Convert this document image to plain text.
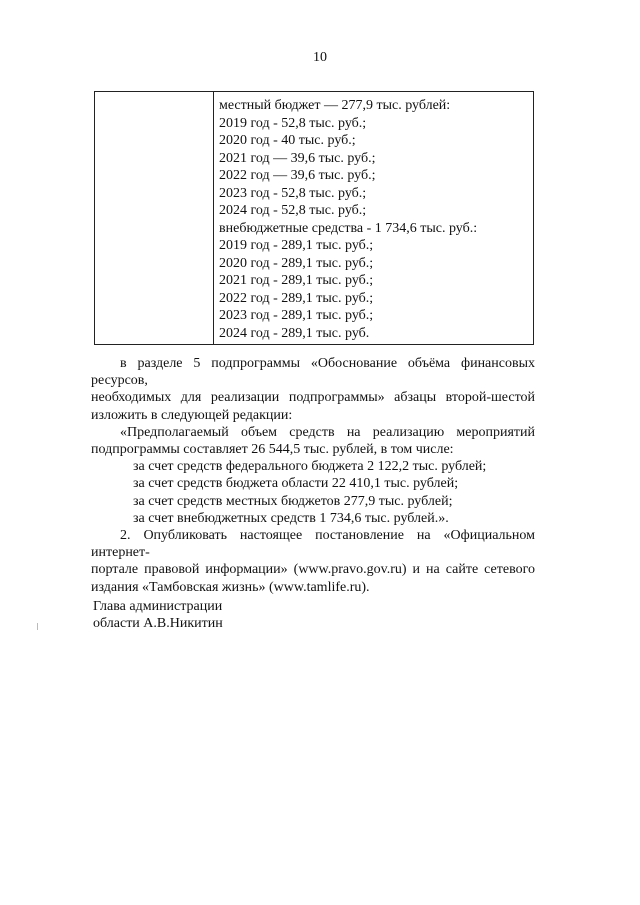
10
местный бюджет — 277,9 тыс. рублей:
2019 год - 52,8 тыс. руб.;
2020 год - 40 тыс. руб.;
2021 год — 39,6 тыс. руб.;
2022 год — 39,6 тыс. руб.;
2023 год - 52,8 тыс. руб.;
2024 год - 52,8 тыс. руб.;
внебюджетные средства - 1 734,6 тыс. руб.:
2019 год - 289,1 тыс. руб.;
2020 год - 289,1 тыс. руб.;
2021 год - 289,1 тыс. руб.;
2022 год - 289,1 тыс. руб.;
2023 год - 289,1 тыс. руб.;
2024 год - 289,1 тыс. руб.

в разделе 5 подпрограммы «Обоснование объёма финансовых ресурсов,

необходимых для реализации подпрограммы» абзацы второй-шестой

изложить в следующей редакции:

«Предполагаемый объем средств на реализацию мероприятий

подпрограммы составляет 26 544,5 тыс. рублей, в том числе:

за счет средств федерального бюджета 2 122,2 тыс. рублей;

за счет средств бюджета области 22 410,1 тыс. рублей;

за счет средств местных бюджетов 277,9 тыс. рублей;

за счет внебюджетных средств 1 734,6 тыс. рублей.».

2. Опубликовать настоящее постановление на «Официальном интернет-

портале правовой информации» (www.pravo.gov.ru) и на сайте сетевого

издания «Тамбовская жизнь» (www.tamlife.ru).

Глава администрации
области А.В.Никитин
